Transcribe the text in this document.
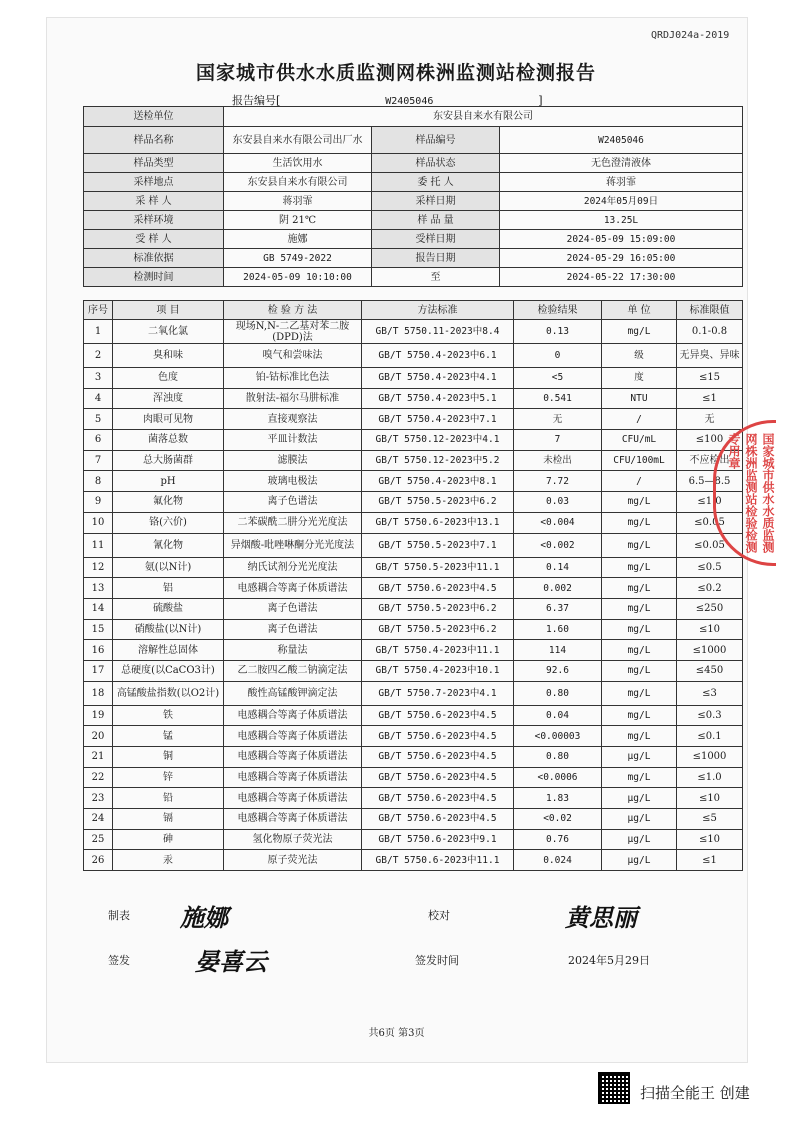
QRDJ024a-2019
国家城市供水水质监测网株洲监测站检测报告
报告编号[	W2405046	]
送检单位	东安县自来水有限公司		
样品名称	东安县自来水有限公司出厂水	样品编号	W2405046
样品类型	生活饮用水	样品状态	无色澄清液体
采样地点	东安县自来水有限公司	委 托 人	蒋羽霏
采 样 人	蒋羽霏	采样日期	2024年05月09日
采样环境	阴 21℃	样 品 量	13.25L
受 样 人	施娜	受样日期	2024-05-09 15:09:00
标准依据	GB 5749-2022	报告日期	2024-05-29 16:05:00
检测时间	2024-05-09 10:10:00	至	2024-05-22 17:30:00
序号	项 目	检 验 方 法	方法标准	检验结果	单 位	标准限值
1	二氧化氯	现场N,N-二乙基对苯二胺(DPD)法	GB/T 5750.11-2023中8.4	0.13	mg/L	0.1-0.8
2	臭和味	嗅气和尝味法	GB/T 5750.4-2023中6.1	0	级	无异臭、异味
3	色度	铂-钴标准比色法	GB/T 5750.4-2023中4.1	<5	度	≤15
4	浑浊度	散射法-福尔马肼标准	GB/T 5750.4-2023中5.1	0.541	NTU	≤1
5	肉眼可见物	直接观察法	GB/T 5750.4-2023中7.1	无	/	无
6	菌落总数	平皿计数法	GB/T 5750.12-2023中4.1	7	CFU/mL	≤100
7	总大肠菌群	滤膜法	GB/T 5750.12-2023中5.2	未检出	CFU/100mL	不应检出
8	pH	玻璃电极法	GB/T 5750.4-2023中8.1	7.72	/	6.5—8.5
9	氟化物	离子色谱法	GB/T 5750.5-2023中6.2	0.03	mg/L	≤1.0
10	铬(六价)	二苯碳酰二肼分光光度法	GB/T 5750.6-2023中13.1	<0.004	mg/L	≤0.05
11	氰化物	异烟酸-吡唑啉酮分光光度法	GB/T 5750.5-2023中7.1	<0.002	mg/L	≤0.05
12	氨(以N计)	纳氏试剂分光光度法	GB/T 5750.5-2023中11.1	0.14	mg/L	≤0.5
13	铝	电感耦合等离子体质谱法	GB/T 5750.6-2023中4.5	0.002	mg/L	≤0.2
14	硫酸盐	离子色谱法	GB/T 5750.5-2023中6.2	6.37	mg/L	≤250
15	硝酸盐(以N计)	离子色谱法	GB/T 5750.5-2023中6.2	1.60	mg/L	≤10
16	溶解性总固体	称量法	GB/T 5750.4-2023中11.1	114	mg/L	≤1000
17	总硬度(以CaCO3计)	乙二胺四乙酸二钠滴定法	GB/T 5750.4-2023中10.1	92.6	mg/L	≤450
18	高锰酸盐指数(以O2计)	酸性高锰酸钾滴定法	GB/T 5750.7-2023中4.1	0.80	mg/L	≤3
19	铁	电感耦合等离子体质谱法	GB/T 5750.6-2023中4.5	0.04	mg/L	≤0.3
20	锰	电感耦合等离子体质谱法	GB/T 5750.6-2023中4.5	<0.00003	mg/L	≤0.1
21	铜	电感耦合等离子体质谱法	GB/T 5750.6-2023中4.5	0.80	μg/L	≤1000
22	锌	电感耦合等离子体质谱法	GB/T 5750.6-2023中4.5	<0.0006	mg/L	≤1.0
23	铅	电感耦合等离子体质谱法	GB/T 5750.6-2023中4.5	1.83	μg/L	≤10
24	镉	电感耦合等离子体质谱法	GB/T 5750.6-2023中4.5	<0.02	μg/L	≤5
25	砷	氢化物原子荧光法	GB/T 5750.6-2023中9.1	0.76	μg/L	≤10
26	汞	原子荧光法	GB/T 5750.6-2023中11.1	0.024	μg/L	≤1
制表 施娜	校对	黄思丽
签发	晏喜云	签发时间	2024年5月29日
共6页 第3页
国家城市供水水质监测网株洲监测站检验检测专用章
扫描全能王 创建
